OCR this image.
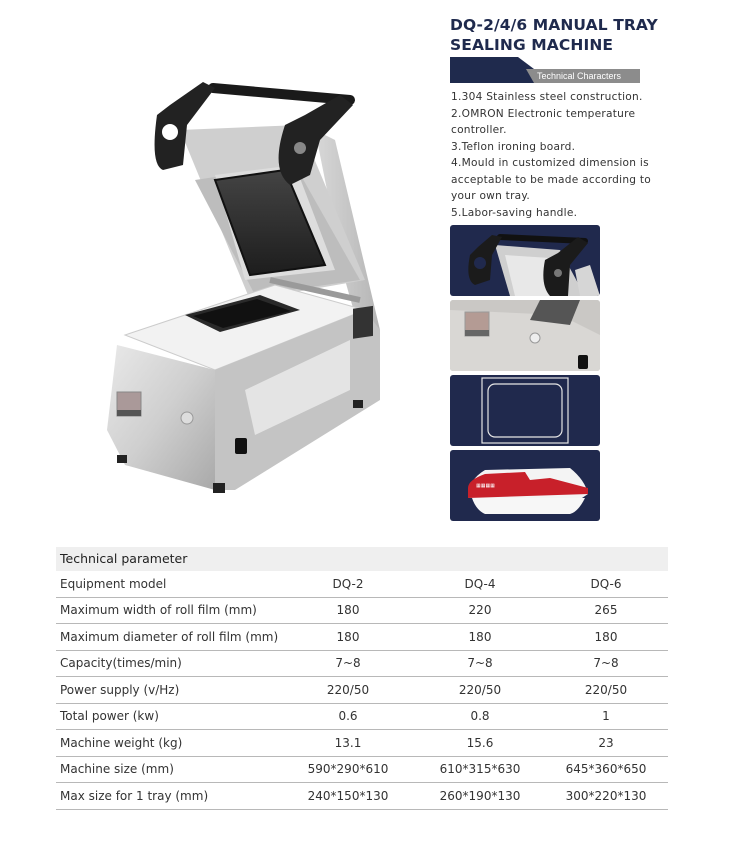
DQ-2/4/6 MANUAL TRAY
SEALING MACHINE
Technical Characters
1.304 Stainless steel construction.
2.OMRON Electronic temperature controller.
3.Teflon ironing board.
4.Mould in customized dimension is acceptable to be made according to your own tray.
5.Labor-saving handle.
▦▦▦▦
Technical parameter
Equipment model	DQ-2	DQ-4	DQ-6
Maximum width of roll film (mm)	180	220	265
Maximum diameter of roll film (mm)	180	180	180
Capacity(times/min)	7~8	7~8	7~8
Power supply (v/Hz)	220/50	220/50	220/50
Total power (kw)	0.6	0.8	1
Machine weight (kg)	13.1	15.6	23
Machine size (mm)	590*290*610	610*315*630	645*360*650
Max size for 1 tray (mm)	240*150*130	260*190*130	300*220*130
